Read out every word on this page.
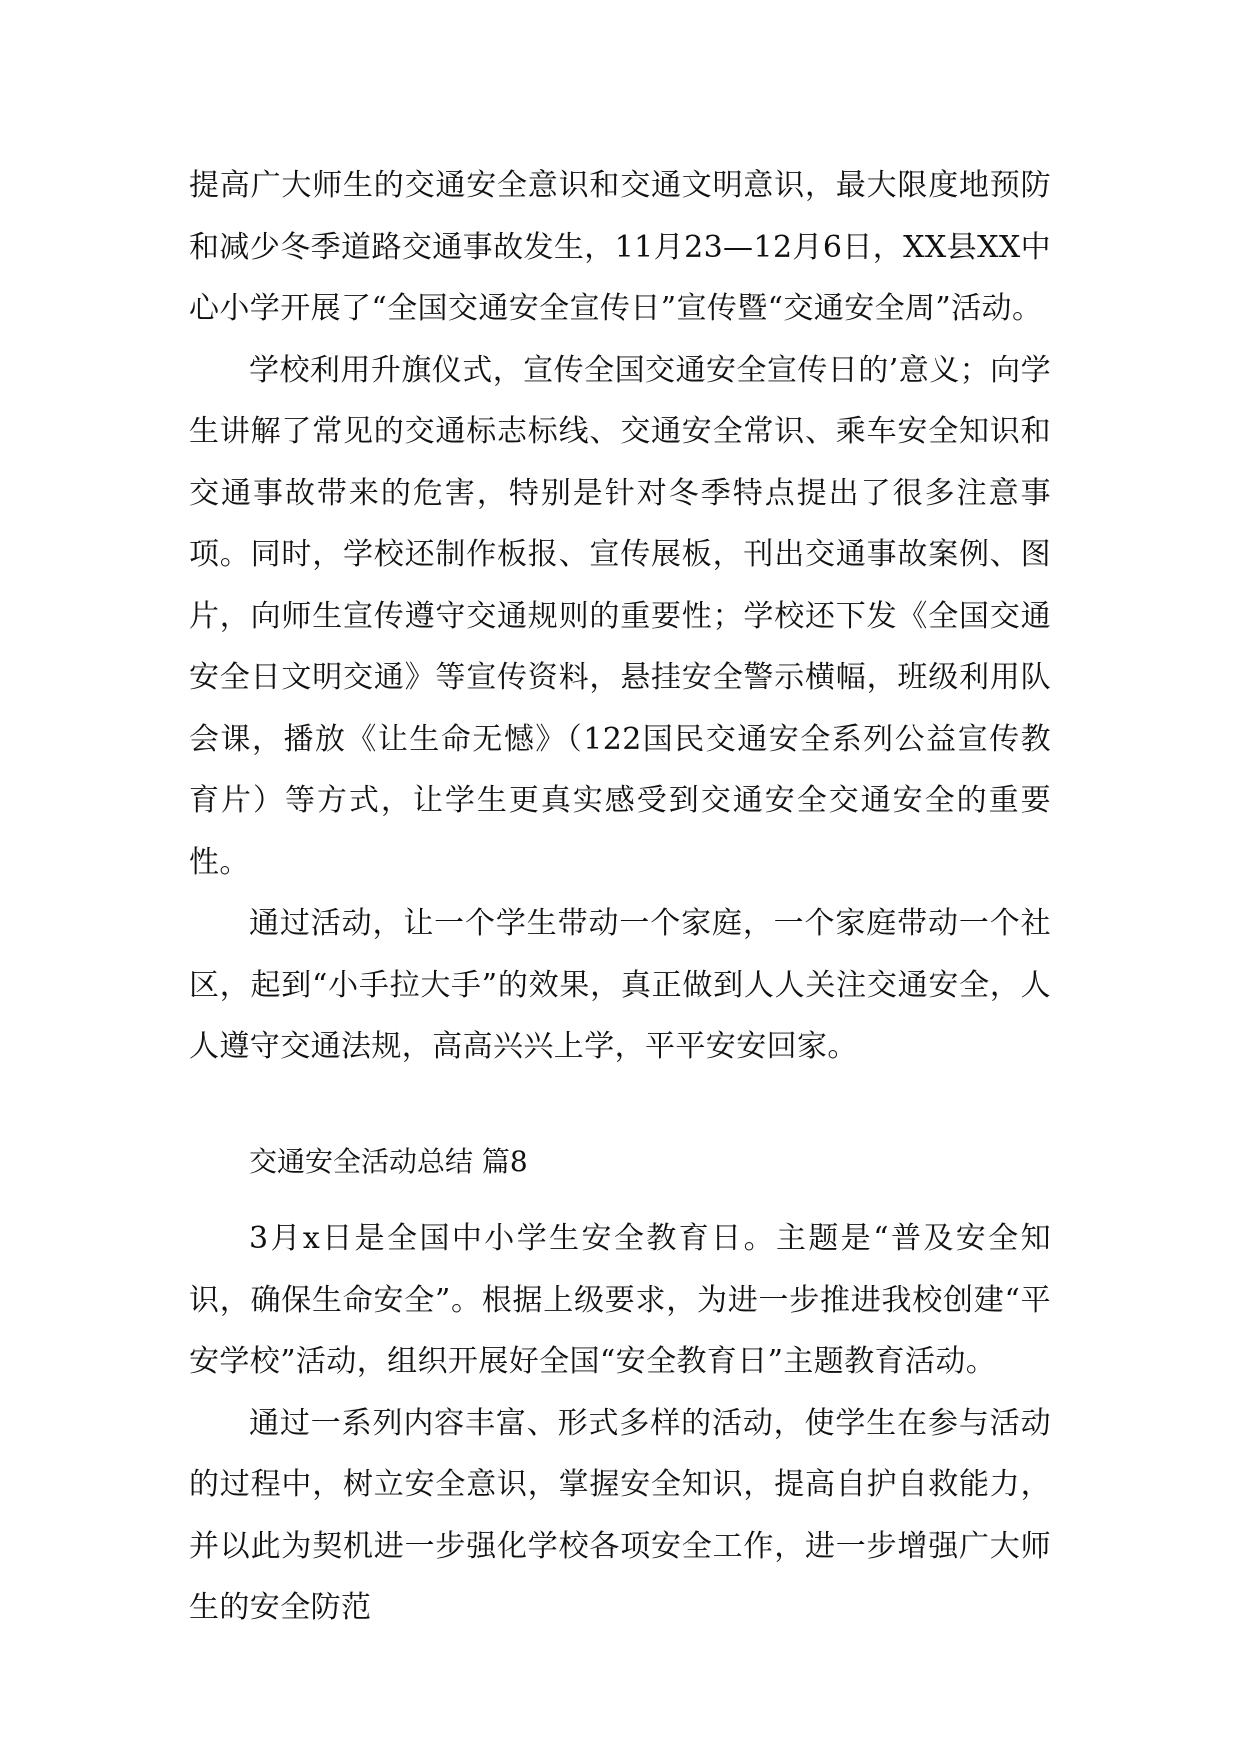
提高广大师生的交通安全意识和交通文明意识，最大限度地预防和减少冬季道路交通事故发生，11月23—12月6日，XX县XX中心小学开展了“全国交通安全宣传日”宣传暨“交通安全周”活动。

学校利用升旗仪式，宣传全国交通安全宣传日的’意义；向学生讲解了常见的交通标志标线、交通安全常识、乘车安全知识和交通事故带来的危害，特别是针对冬季特点提出了很多注意事项。同时，学校还制作板报、宣传展板，刊出交通事故案例、图片，向师生宣传遵守交通规则的重要性；学校还下发《全国交通安全日文明交通》等宣传资料，悬挂安全警示横幅，班级利用队会课，播放《让生命无憾》（122国民交通安全系列公益宣传教育片）等方式，让学生更真实感受到交通安全交通安全的重要性。

通过活动，让一个学生带动一个家庭，一个家庭带动一个社区，起到“小手拉大手”的效果，真正做到人人关注交通安全，人人遵守交通法规，高高兴兴上学，平平安安回家。

交通安全活动总结 篇8

3月x日是全国中小学生安全教育日。主题是“普及安全知识，确保生命安全”。根据上级要求，为进一步推进我校创建“平安学校”活动，组织开展好全国“安全教育日”主题教育活动。

通过一系列内容丰富、形式多样的活动，使学生在参与活动的过程中，树立安全意识，掌握安全知识，提高自护自救能力，并以此为契机进一步强化学校各项安全工作，进一步增强广大师生的安全防范
